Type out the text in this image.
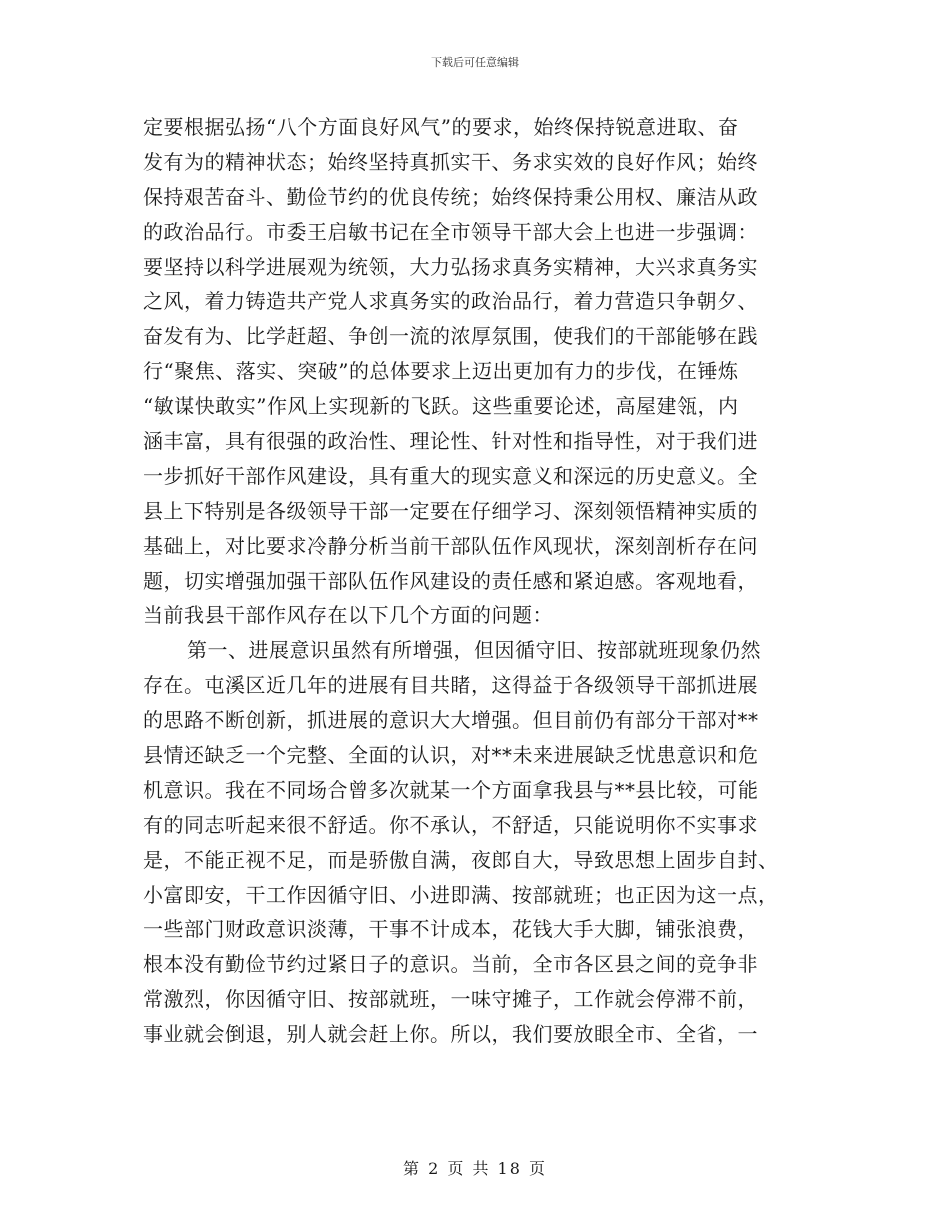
下载后可任意编辑
定要根据弘扬“八个方面良好风气”的要求，始终保持锐意进取、奋
发有为的精神状态；始终坚持真抓实干、务求实效的良好作风；始终
保持艰苦奋斗、勤俭节约的优良传统；始终保持秉公用权、廉洁从政
的政治品行。市委王启敏书记在全市领导干部大会上也进一步强调：
要坚持以科学进展观为统领，大力弘扬求真务实精神，大兴求真务实
之风，着力铸造共产党人求真务实的政治品行，着力营造只争朝夕、
奋发有为、比学赶超、争创一流的浓厚氛围，使我们的干部能够在践
行“聚焦、落实、突破”的总体要求上迈出更加有力的步伐，在锤炼
“敏谋快敢实”作风上实现新的飞跃。这些重要论述，高屋建瓴，内
涵丰富，具有很强的政治性、理论性、针对性和指导性，对于我们进
一步抓好干部作风建设，具有重大的现实意义和深远的历史意义。全
县上下特别是各级领导干部一定要在仔细学习、深刻领悟精神实质的
基础上，对比要求冷静分析当前干部队伍作风现状，深刻剖析存在问
题，切实增强加强干部队伍作风建设的责任感和紧迫感。客观地看，
当前我县干部作风存在以下几个方面的问题：
第一、进展意识虽然有所增强，但因循守旧、按部就班现象仍然
存在。屯溪区近几年的进展有目共睹，这得益于各级领导干部抓进展
的思路不断创新，抓进展的意识大大增强。但目前仍有部分干部对**
县情还缺乏一个完整、全面的认识，对**未来进展缺乏忧患意识和危
机意识。我在不同场合曾多次就某一个方面拿我县与**县比较，可能
有的同志听起来很不舒适。你不承认，不舒适，只能说明你不实事求
是，不能正视不足，而是骄傲自满，夜郎自大，导致思想上固步自封、
小富即安，干工作因循守旧、小进即满、按部就班；也正因为这一点，
一些部门财政意识淡薄，干事不计成本，花钱大手大脚，铺张浪费，
根本没有勤俭节约过紧日子的意识。当前，全市各区县之间的竞争非
常激烈，你因循守旧、按部就班，一味守摊子，工作就会停滞不前，
事业就会倒退，别人就会赶上你。所以，我们要放眼全市、全省，一
第 2 页 共 18 页
